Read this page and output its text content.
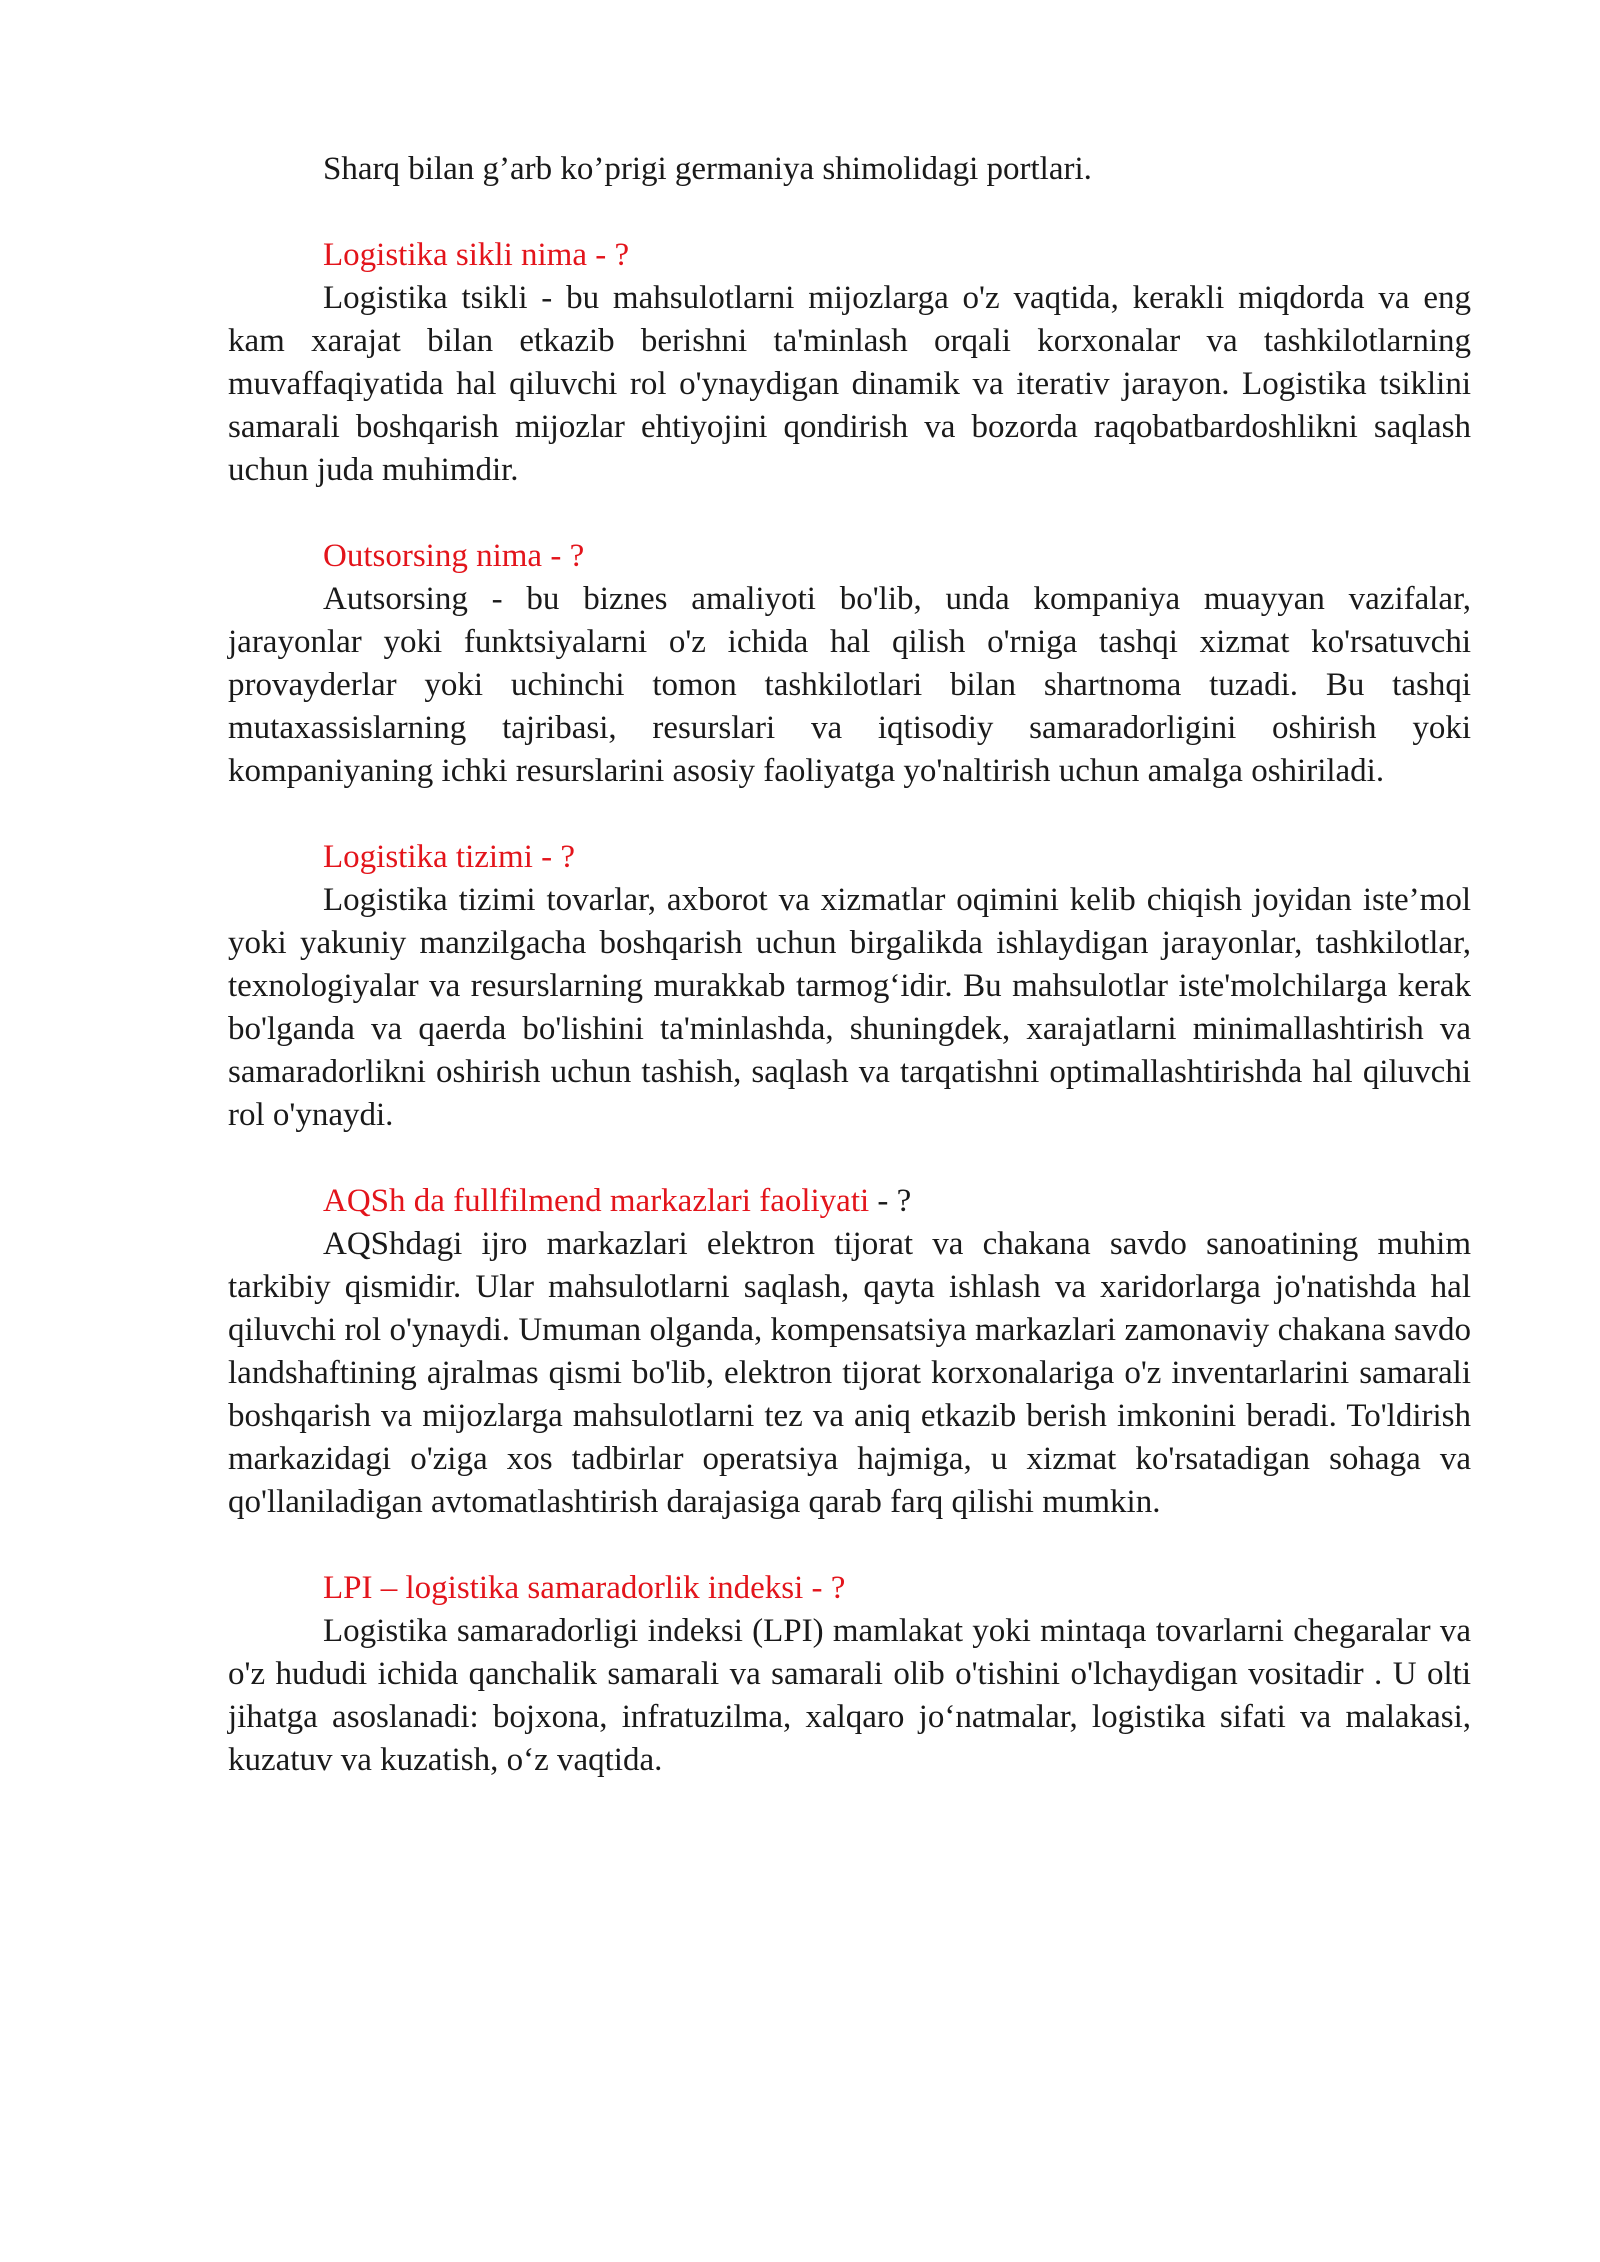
Sharq bilan g’arb ko’prigi germaniya shimolidagi portlari.

Logistika sikli nima - ?

Logistika tsikli - bu mahsulotlarni mijozlarga o'z vaqtida, kerakli miqdorda va eng kam xarajat bilan etkazib berishni ta'minlash orqali korxonalar va tashkilotlarning muvaffaqiyatida hal qiluvchi rol o'ynaydigan dinamik va iterativ jarayon. Logistika tsiklini samarali boshqarish mijozlar ehtiyojini qondirish va bozorda raqobatbardoshlikni saqlash uchun juda muhimdir.

Outsorsing nima - ?

Autsorsing - bu biznes amaliyoti bo'lib, unda kompaniya muayyan vazifalar, jarayonlar yoki funktsiyalarni o'z ichida hal qilish o'rniga tashqi xizmat ko'rsatuvchi provayderlar yoki uchinchi tomon tashkilotlari bilan shartnoma tuzadi. Bu tashqi mutaxassislarning tajribasi, resurslari va iqtisodiy samaradorligini oshirish yoki kompaniyaning ichki resurslarini asosiy faoliyatga yo'naltirish uchun amalga oshiriladi.

Logistika tizimi - ?

Logistika tizimi tovarlar, axborot va xizmatlar oqimini kelib chiqish joyidan iste’mol yoki yakuniy manzilgacha boshqarish uchun birgalikda ishlaydigan jarayonlar, tashkilotlar, texnologiyalar va resurslarning murakkab tarmog‘idir. Bu mahsulotlar iste'molchilarga kerak bo'lganda va qaerda bo'lishini ta'minlashda, shuningdek, xarajatlarni minimallashtirish va samaradorlikni oshirish uchun tashish, saqlash va tarqatishni optimallashtirishda hal qiluvchi rol o'ynaydi.

AQSh da fullfilmend markazlari faoliyati - ?

AQShdagi ijro markazlari elektron tijorat va chakana savdo sanoatining muhim tarkibiy qismidir. Ular mahsulotlarni saqlash, qayta ishlash va xaridorlarga jo'natishda hal qiluvchi rol o'ynaydi. Umuman olganda, kompensatsiya markazlari zamonaviy chakana savdo landshaftining ajralmas qismi bo'lib, elektron tijorat korxonalariga o'z inventarlarini samarali boshqarish va mijozlarga mahsulotlarni tez va aniq etkazib berish imkonini beradi. To'ldirish markazidagi o'ziga xos tadbirlar operatsiya hajmiga, u xizmat ko'rsatadigan sohaga va qo'llaniladigan avtomatlashtirish darajasiga qarab farq qilishi mumkin.

LPI – logistika samaradorlik indeksi - ?

Logistika samaradorligi indeksi (LPI) mamlakat yoki mintaqa tovarlarni chegaralar va o'z hududi ichida qanchalik samarali va samarali olib o'tishini o'lchaydigan vositadir . U olti jihatga asoslanadi: bojxona, infratuzilma, xalqaro jo‘natmalar, logistika sifati va malakasi, kuzatuv va kuzatish, o‘z vaqtida.
